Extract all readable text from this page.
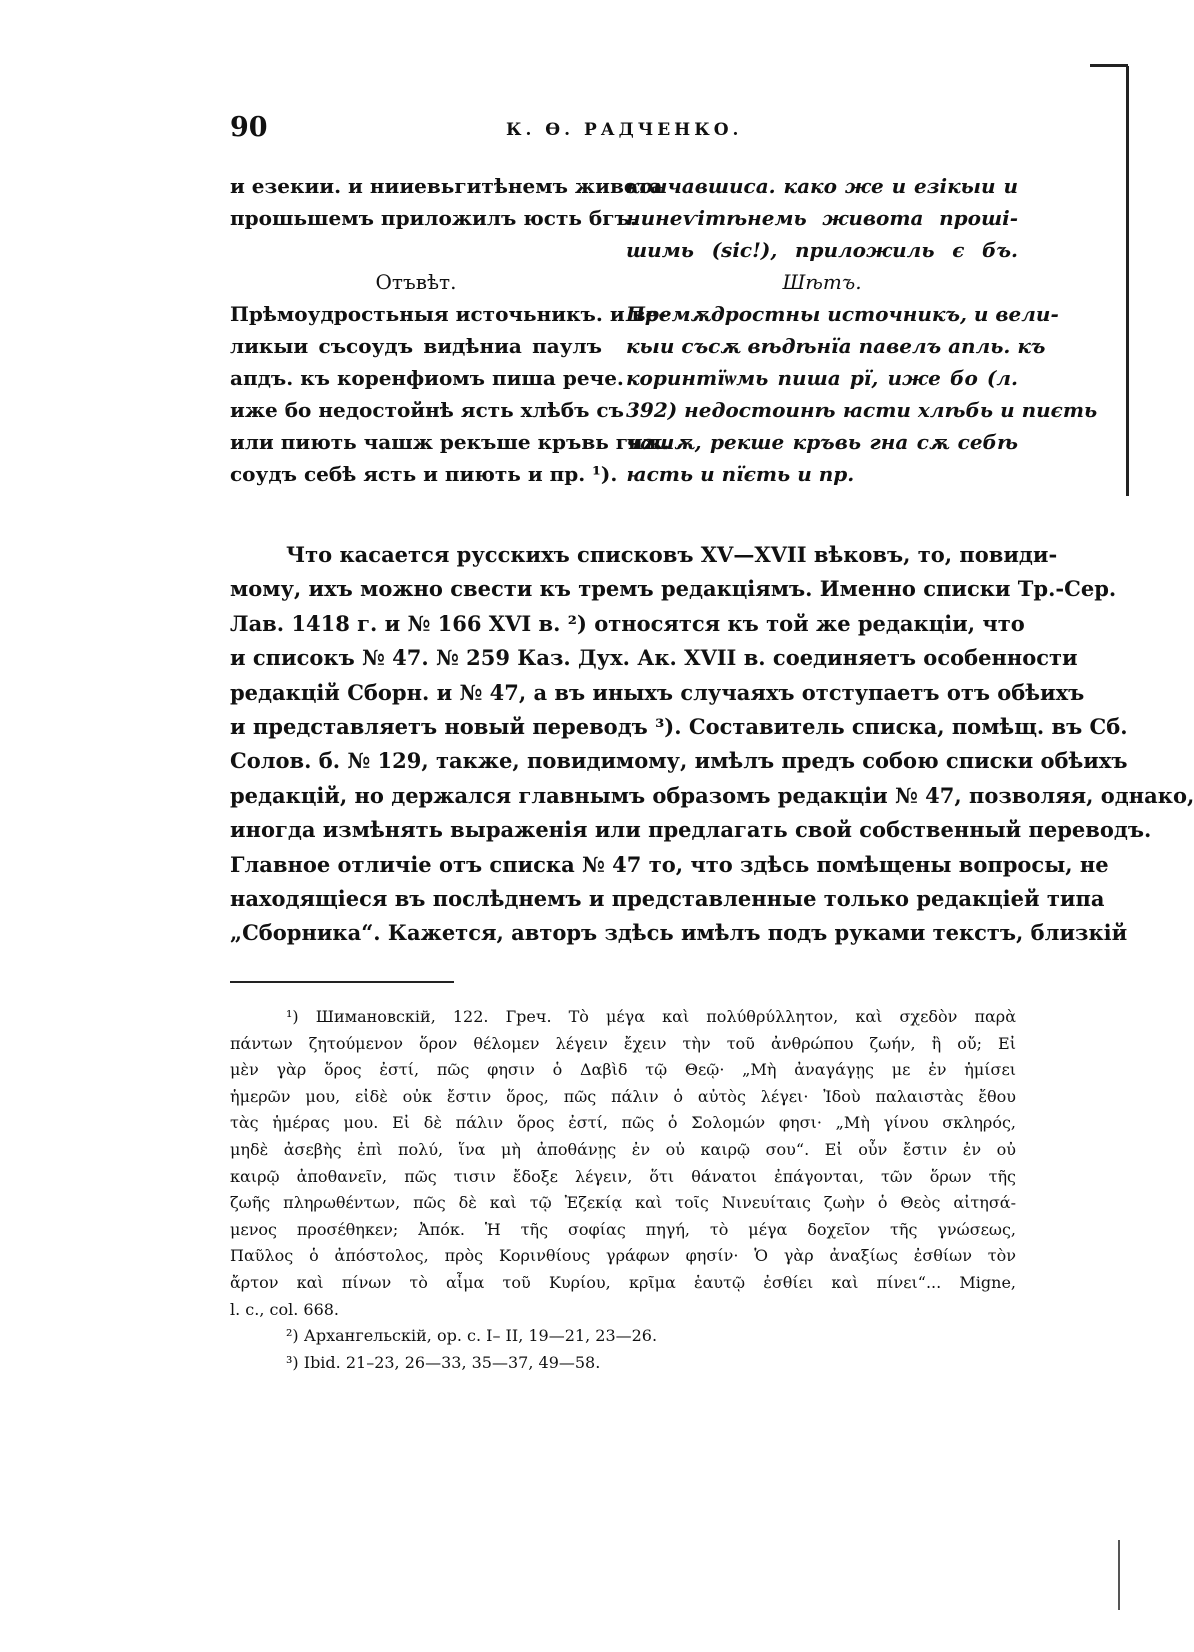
90	К. Ѳ. РАДЧЕНКО.
и езекии. и нииевьгитѣнемъ живота
прошьшемъ приложилъ юсть бгъ.
Отъвѣт.
Прѣмоудростьныя источьникъ. и ве-
ликыи съсоудъ видѣниа паулъ
апдъ. къ коренфиомъ пиша рече.
иже бо недостойнѣ ясть хлѣбъ съ
или пиють чашж рекъше кръвь гнж.
соудъ себѣ ясть и пиють и пр. ¹).
кончавшиса. како же и езікыи и
нинеѵітѣнемь живота проші-
шимь (sic!), приложиль є бъ.
Шѣтъ.
Премѫдростны источникъ, и вели-
кыи съсѫ вѣдѣнїа павелъ апль. къ
коринтїѡмь пиша рї, иже бо (л.
392) недостоинѣ ꙗсти хлѣбь и пиєть
чашѫ, рекше кръвь гна сѫ себѣ
ꙗсть и пїєть и пр.
Что касается русскихъ списковъ XV—XVII вѣковъ, то, повиди-
мому, ихъ можно свести къ тремъ редакціямъ. Именно списки Тр.-Сер.
Лав. 1418 г. и № 166 XVI в. ²) относятся къ той же редакціи, что
и списокъ № 47. № 259 Каз. Дух. Ак. XVII в. соединяетъ особенности
редакцій Сборн. и № 47, а въ иныхъ случаяхъ отступаетъ отъ обѣихъ
и представляетъ новый переводъ ³). Составитель списка, помѣщ. въ Сб.
Солов. б. № 129, также, повидимому, имѣлъ предъ собою списки обѣихъ
редакцій, но держался главнымъ образомъ редакціи № 47, позволяя, однако,
иногда измѣнять выраженія или предлагать свой собственный переводъ.
Главное отличіе отъ списка № 47 то, что здѣсь помѣщены вопросы, не
находящіеся въ послѣднемъ и представленные только редакціей типа
„Сборника“. Кажется, авторъ здѣсь имѣлъ подъ руками текстъ, близкій
¹) Шимановскій, 122. Греч. Τὸ μέγα καὶ πολύθρύλλητον, καὶ σχεδὸν παρὰ
πάντων ζητούμενον ὅρον θέλομεν λέγειν ἔχειν τὴν τοῦ ἀνθρώπου ζωήν, ἢ οὔ; Εἰ
μὲν γὰρ ὅρος ἐστί, πῶς φησιν ὁ Δαβὶδ τῷ Θεῷ· „Μὴ ἀναγάγῃς με ἐν ἡμίσει
ἡμερῶν μου, εἰδὲ οὐκ ἔστιν ὅρος, πῶς πάλιν ὁ αὐτὸς λέγει· Ἰδοὺ παλαιστὰς ἔθου
τὰς ἡμέρας μου. Εἰ δὲ πάλιν ὅρος ἐστί, πῶς ὁ Σολομών φησι· „Μὴ γίνου σκληρός,
μηδὲ ἀσεβὴς ἐπὶ πολύ, ἵνα μὴ ἀποθάνῃς ἐν οὐ καιρῷ σου“. Εἰ οὖν ἔστιν ἐν οὐ
καιρῷ ἀποθανεῖν, πῶς τισιν ἔδοξε λέγειν, ὅτι θάνατοι ἐπάγονται, τῶν ὅρων τῆς
ζωῆς πληρωθέντων, πῶς δὲ καὶ τῷ Ἐζεκίᾳ καὶ τοῖς Νινευίταις ζωὴν ὁ Θεὸς αἰτησά-
μενος προσέθηκεν; Ἀπόκ. Ἡ τῆς σοφίας πηγή, τὸ μέγα δοχεῖον τῆς γνώσεως,
Παῦλος ὁ ἀπόστολος, πρὸς Κορινθίους γράφων φησίν· Ὁ γὰρ ἀναξίως ἐσθίων τὸν
ἄρτον καὶ πίνων τὸ αἷμα τοῦ Κυρίου, κρῖμα ἑαυτῷ ἐσθίει καὶ πίνει“... Migne,
l. c., col. 668.
²) Архангельскій, ор. с. I– II, 19—21, 23—26.
³) Ibid. 21–23, 26—33, 35—37, 49—58.
